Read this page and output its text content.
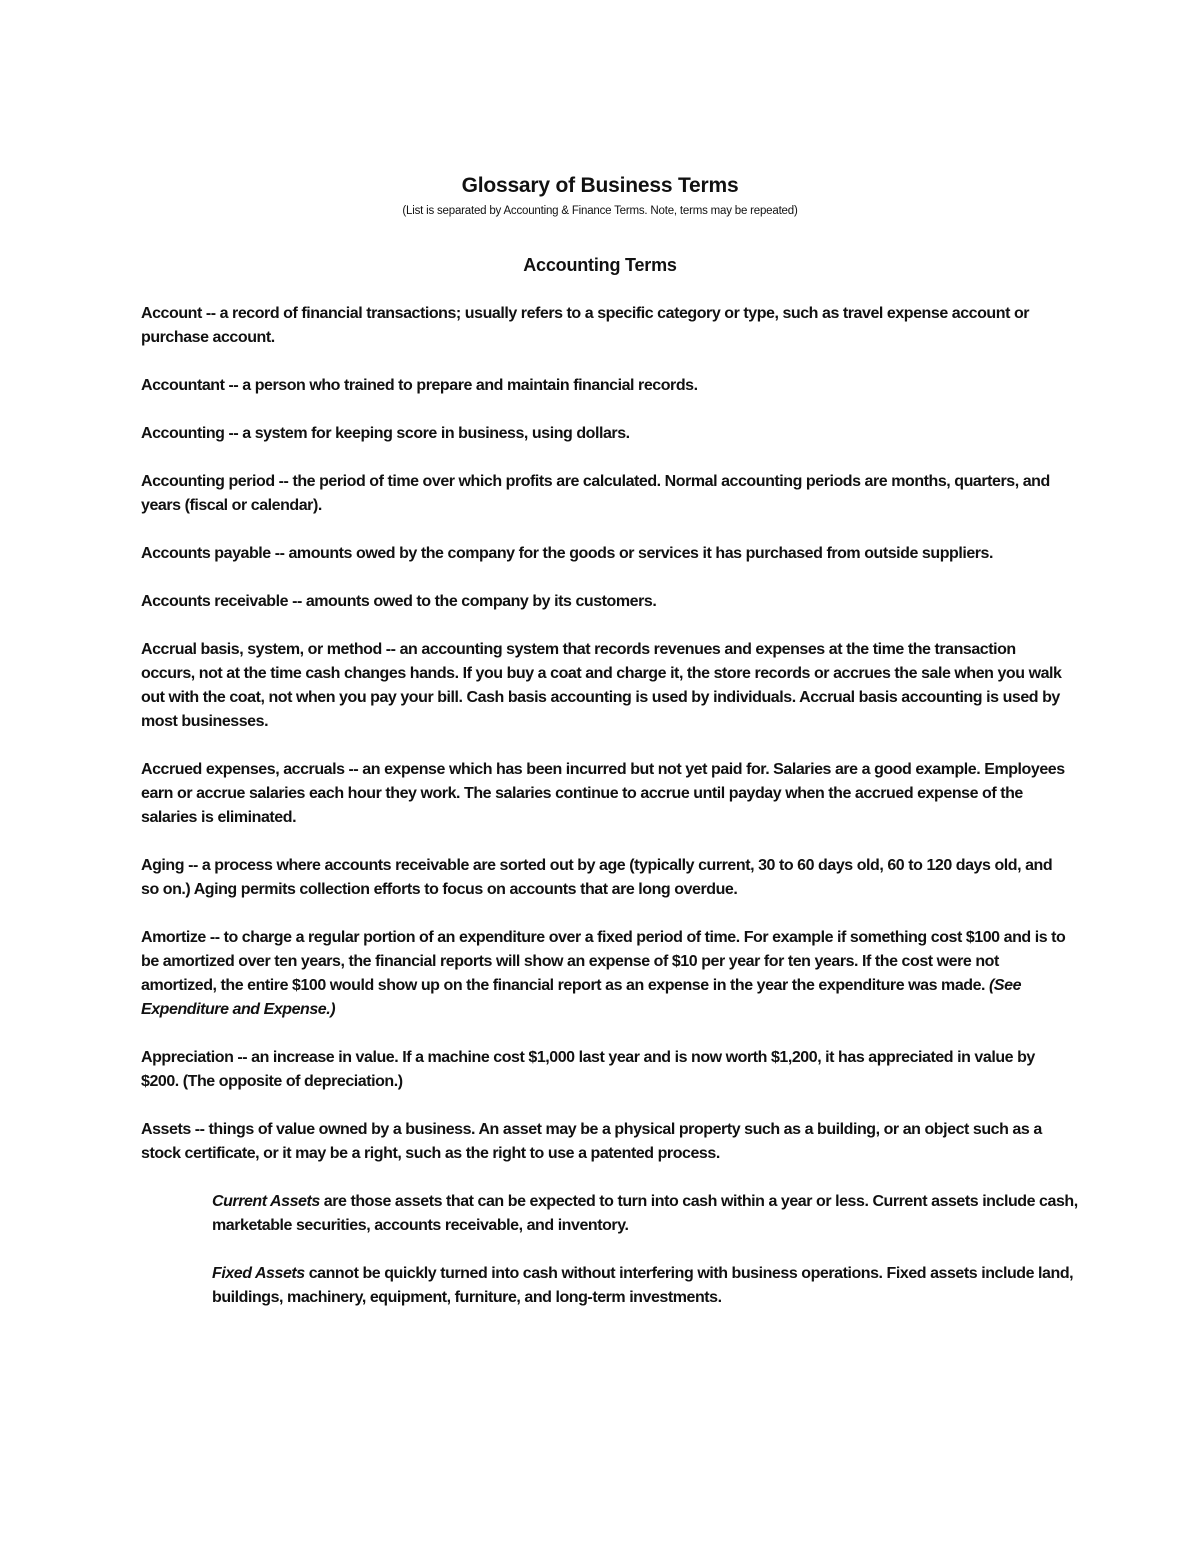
Glossary of Business Terms
(List is separated by Accounting & Finance Terms. Note, terms may be repeated)
Accounting Terms

Account -- a record of financial transactions; usually refers to a specific category or type, such as travel expense account or purchase account.

Accountant -- a person who trained to prepare and maintain financial records.

Accounting -- a system for keeping score in business, using dollars.

Accounting period -- the period of time over which profits are calculated. Normal accounting periods are months, quarters, and years (fiscal or calendar).

Accounts payable -- amounts owed by the company for the goods or services it has purchased from outside suppliers.

Accounts receivable -- amounts owed to the company by its customers.

Accrual basis, system, or method -- an accounting system that records revenues and expenses at the time the transaction occurs, not at the time cash changes hands. If you buy a coat and charge it, the store records or accrues the sale when you walk out with the coat, not when you pay your bill. Cash basis accounting is used by individuals. Accrual basis accounting is used by most businesses.

Accrued expenses, accruals -- an expense which has been incurred but not yet paid for. Salaries are a good example. Employees earn or accrue salaries each hour they work. The salaries continue to accrue until payday when the accrued expense of the salaries is eliminated.

Aging -- a process where accounts receivable are sorted out by age (typically current, 30 to 60 days old, 60 to 120 days old, and so on.) Aging permits collection efforts to focus on accounts that are long overdue.

Amortize -- to charge a regular portion of an expenditure over a fixed period of time. For example if something cost $100 and is to be amortized over ten years, the financial reports will show an expense of $10 per year for ten years. If the cost were not amortized, the entire $100 would show up on the financial report as an expense in the year the expenditure was made. (See Expenditure and Expense.)

Appreciation -- an increase in value. If a machine cost $1,000 last year and is now worth $1,200, it has appreciated in value by $200. (The opposite of depreciation.)

Assets -- things of value owned by a business. An asset may be a physical property such as a building, or an object such as a stock certificate, or it may be a right, such as the right to use a patented process.

Current Assets are those assets that can be expected to turn into cash within a year or less. Current assets include cash, marketable securities, accounts receivable, and inventory.

Fixed Assets cannot be quickly turned into cash without interfering with business operations. Fixed assets include land, buildings, machinery, equipment, furniture, and long-term investments.
